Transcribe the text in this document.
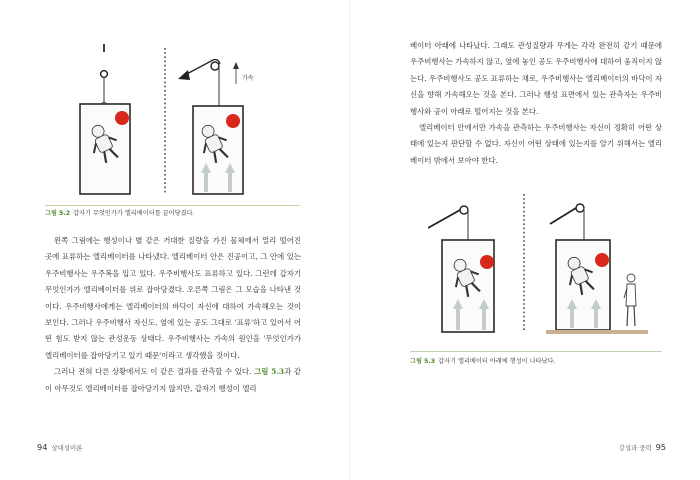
가속
그림 5.2 갑자기 무엇인가가 엘리베이터를 끌어당겼다.

왼쪽 그림에는 행성이나 별 같은 거대한 질량을 가진 물체에서 멀리 떨어진 곳에 표류하는 엘리베이터를 나타냈다. 엘리베이터 안은 진공이고, 그 안에 있는 우주비행사는 우주복을 입고 있다. 우주비행사도 표류하고 있다. 그런데 갑자기 무엇인가가 엘리베이터를 위로 잡아당겼다. 오른쪽 그림은 그 모습을 나타낸 것이다. 우주비행사에게는 엘리베이터의 바닥이 자신에 대하여 가속해오는 것이 보인다. 그러나 우주비행사 자신도, 옆에 있는 공도 그대로 '표류'하고 있어서 어떤 힘도 받지 않는 관성운동 상태다. 우주비행사는 가속의 원인을 '무엇인가가 엘리베이터를 잡아당기고 있기 때문'이라고 생각했을 것이다.

그러나 전혀 다른 상황에서도 이 같은 결과를 관측할 수 있다. 그림 5.3과 같이 아무것도 엘리베이터를 잡아당기지 않지만, 갑자기 행성이 엘리

94 상대성이론

베이터 아래에 나타났다. 그래도 관성질량과 무게는 각각 완전히 같기 때문에 우주비행사는 가속하지 않고, 옆에 놓인 공도 우주비행사에 대하여 움직이지 않는다. 우주비행사도 공도 표류하는 채로, 우주비행사는 엘리베이터의 바닥이 자신을 향해 가속해오는 것을 본다. 그러나 행성 표면에서 있는 관측자는 우주비행사와 공이 아래로 떨어지는 것을 본다.

엘리베이터 안에서만 가속을 관측하는 우주비행사는 자신이 정확히 어떤 상태에 있는지 판단할 수 없다. 자신이 어떤 상태에 있는지를 알기 위해서는 엘리베이터 밖에서 보아야 한다.

그림 5.3 갑자기 엘리베이터 아래에 행성이 나타났다.
강성과 중력 95
